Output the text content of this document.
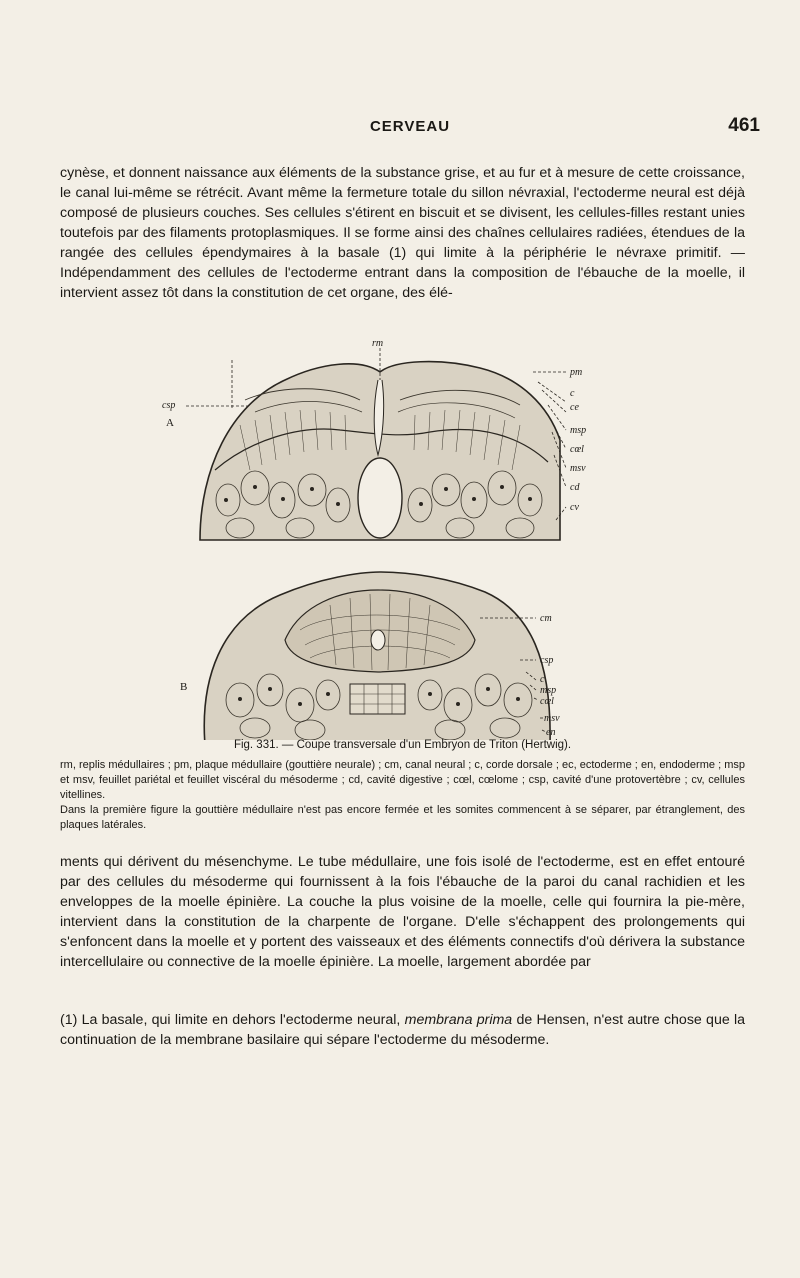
CERVEAU	461

cynèse, et donnent naissance aux éléments de la substance grise, et au fur et à mesure de cette croissance, le canal lui-même se rétrécit. Avant même la fermeture totale du sillon névraxial, l'ectoderme neural est déjà composé de plusieurs couches. Ses cellules s'étirent en biscuit et se divisent, les cellules-filles restant unies toutefois par des filaments protoplasmiques. Il se forme ainsi des chaînes cellulaires radiées, étendues de la rangée des cellules épendymaires à la basale (1) qui limite à la périphérie le névraxe primitif. — Indépendamment des cellules de l'ectoderme entrant dans la composition de l'ébauche de la moelle, il intervient assez tôt dans la constitution de cet organe, des élé-

rm
csp
A
pm
c
ce
msp
cœl
msv
cd
cv
B
cm
csp
c
msp
cœl
msv
en
Fig. 331. — Coupe transversale d'un Embryon de Triton (Hertwig).

rm, replis médullaires ; pm, plaque médullaire (gouttière neurale) ; cm, canal neural ; c, corde dorsale ; ec, ectoderme ; en, endoderme ; msp et msv, feuillet pariétal et feuillet viscéral du mésoderme ; cd, cavité digestive ; cœl, cœlome ; csp, cavité d'une protovertèbre ; cv, cellules vitellines.

Dans la première figure la gouttière médullaire n'est pas encore fermée et les somites commencent à se séparer, par étranglement, des plaques latérales.

ments qui dérivent du mésenchyme. Le tube médullaire, une fois isolé de l'ectoderme, est en effet entouré par des cellules du mésoderme qui fournissent à la fois l'ébauche de la paroi du canal rachidien et les enveloppes de la moelle épinière. La couche la plus voisine de la moelle, celle qui fournira la pie-mère, intervient dans la constitution de la charpente de l'organe. D'elle s'échappent des prolongements qui s'enfoncent dans la moelle et y portent des vaisseaux et des éléments connectifs d'où dérivera la substance intercellulaire ou connective de la moelle épinière. La moelle, largement abordée par

(1) La basale, qui limite en dehors l'ectoderme neural, membrana prima de Hensen, n'est autre chose que la continuation de la membrane basilaire qui sépare l'ectoderme du mésoderme.
